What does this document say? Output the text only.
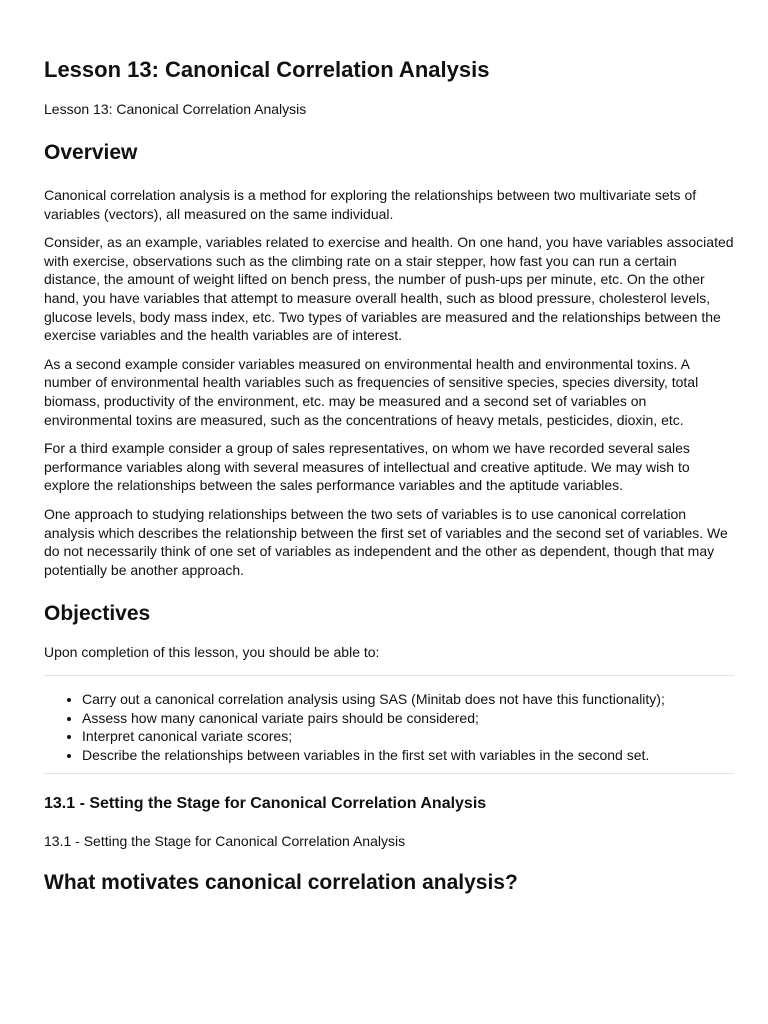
Lesson 13: Canonical Correlation Analysis
Lesson 13: Canonical Correlation Analysis
Overview

Canonical correlation analysis is a method for exploring the relationships between two multivariate sets of variables (vectors), all measured on the same individual.

Consider, as an example, variables related to exercise and health. On one hand, you have variables associated with exercise, observations such as the climbing rate on a stair stepper, how fast you can run a certain distance, the amount of weight lifted on bench press, the number of push-ups per minute, etc. On the other hand, you have variables that attempt to measure overall health, such as blood pressure, cholesterol levels, glucose levels, body mass index, etc. Two types of variables are measured and the relationships between the exercise variables and the health variables are of interest.

As a second example consider variables measured on environmental health and environmental toxins. A number of environmental health variables such as frequencies of sensitive species, species diversity, total biomass, productivity of the environment, etc. may be measured and a second set of variables on environmental toxins are measured, such as the concentrations of heavy metals, pesticides, dioxin, etc.

For a third example consider a group of sales representatives, on whom we have recorded several sales performance variables along with several measures of intellectual and creative aptitude. We may wish to explore the relationships between the sales performance variables and the aptitude variables.

One approach to studying relationships between the two sets of variables is to use canonical correlation analysis which describes the relationship between the first set of variables and the second set of variables. We do not necessarily think of one set of variables as independent and the other as dependent, though that may potentially be another approach.

Objectives
Upon completion of this lesson, you should be able to:
• Carry out a canonical correlation analysis using SAS (Minitab does not have this functionality);
• Assess how many canonical variate pairs should be considered;
• Interpret canonical variate scores;
• Describe the relationships between variables in the first set with variables in the second set.
13.1 - Setting the Stage for Canonical Correlation Analysis
13.1 - Setting the Stage for Canonical Correlation Analysis
What motivates canonical correlation analysis?
